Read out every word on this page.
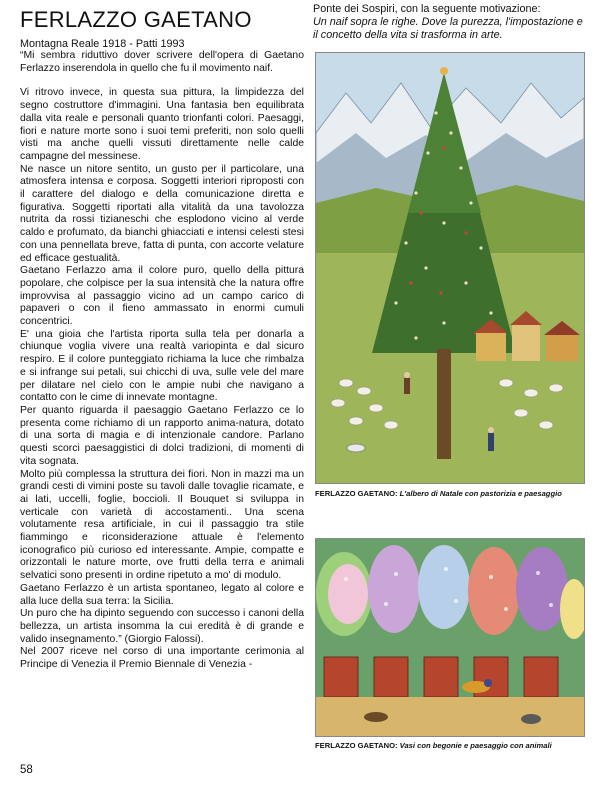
FERLAZZO GAETANO
Montagna Reale 1918 - Patti 1993

“Mi sembra riduttivo dover scrivere dell'opera di Gaetano Ferlazzo inserendola in quello che fu il movimento naif.

Vi ritrovo invece, in questa sua pittura, la limpidezza del segno costruttore d'immagini. Una fantasia ben equilibrata dalla vita reale e personali quanto trionfanti colori. Paesaggi, fiori e nature morte sono i suoi temi preferiti, non solo quelli visti ma anche quelli vissuti direttamente nelle calde campagne del messinese.

Ne nasce un nitore sentito, un gusto per il particolare, una atmosfera intensa e corposa. Soggetti interiori riproposti con il carattere del dialogo e della comunicazione diretta e figurativa. Soggetti riportati alla vitalità da una tavolozza nutrita da rossi tizianeschi che esplodono vicino al verde caldo e profumato, da bianchi ghiacciati e intensi celesti stesi con una pennellata breve, fatta di punta, con accorte velature ed efficace gestualità.

Gaetano Ferlazzo ama il colore puro, quello della pittura popolare, che colpisce per la sua intensità che la natura offre improvvisa al passaggio vicino ad un campo carico di papaveri o con il fieno ammassato in enormi cumuli concentrici.

E' una gioia che l'artista riporta sulla tela per donarla a chiunque voglia vivere una realtà variopinta e dal sicuro respiro. E il colore punteggiato richiama la luce che rimbalza e si infrange sui petali, sui chicchi di uva, sulle vele del mare per dilatare nel cielo con le ampie nubi che navigano a contatto con le cime di innevate montagne.

Per quanto riguarda il paesaggio Gaetano Ferlazzo ce lo presenta come richiamo di un rapporto anima-natura, dotato di una sorta di magia e di intenzionale candore. Parlano questi scorci paesaggistici di dolci tradizioni, di momenti di vita sognata.

Molto più complessa la struttura dei fiori. Non in mazzi ma un grandi cesti di vimini poste su tavoli dalle tovaglie ricamate, e ai lati, uccelli, foglie, boccioli. Il Bouquet si sviluppa in verticale con varietà di accostamenti.. Una scena volutamente resa artificiale, in cui il passaggio tra stile fiammingo e riconsiderazione attuale è l'elemento iconografico più curioso ed interessante. Ampie, compatte e orizzontali le nature morte, ove frutti della terra e animali selvatici sono presenti in ordine ripetuto a mo' di modulo.

Gaetano Ferlazzo è un artista spontaneo, legato al colore e alla luce della sua terra: la Sicilia.

Un puro che ha dipinto seguendo con successo i canoni della bellezza, un artista insomma la cui eredità è di grande e valido insegnamento.” (Giorgio Falossi).

Nel 2007 riceve nel corso di una importante cerimonia al Principe di Venezia il Premio Biennale di Venezia -

Ponte dei Sospiri, con la seguente motivazione:
Un naif sopra le righe. Dove la purezza, l'impostazione e il concetto della vita si trasforma in arte.
FERLAZZO GAETANO: L'albero di Natale con pastorizia e paesaggio
FERLAZZO GAETANO: Vasi con begonie e paesaggio con animali
58
